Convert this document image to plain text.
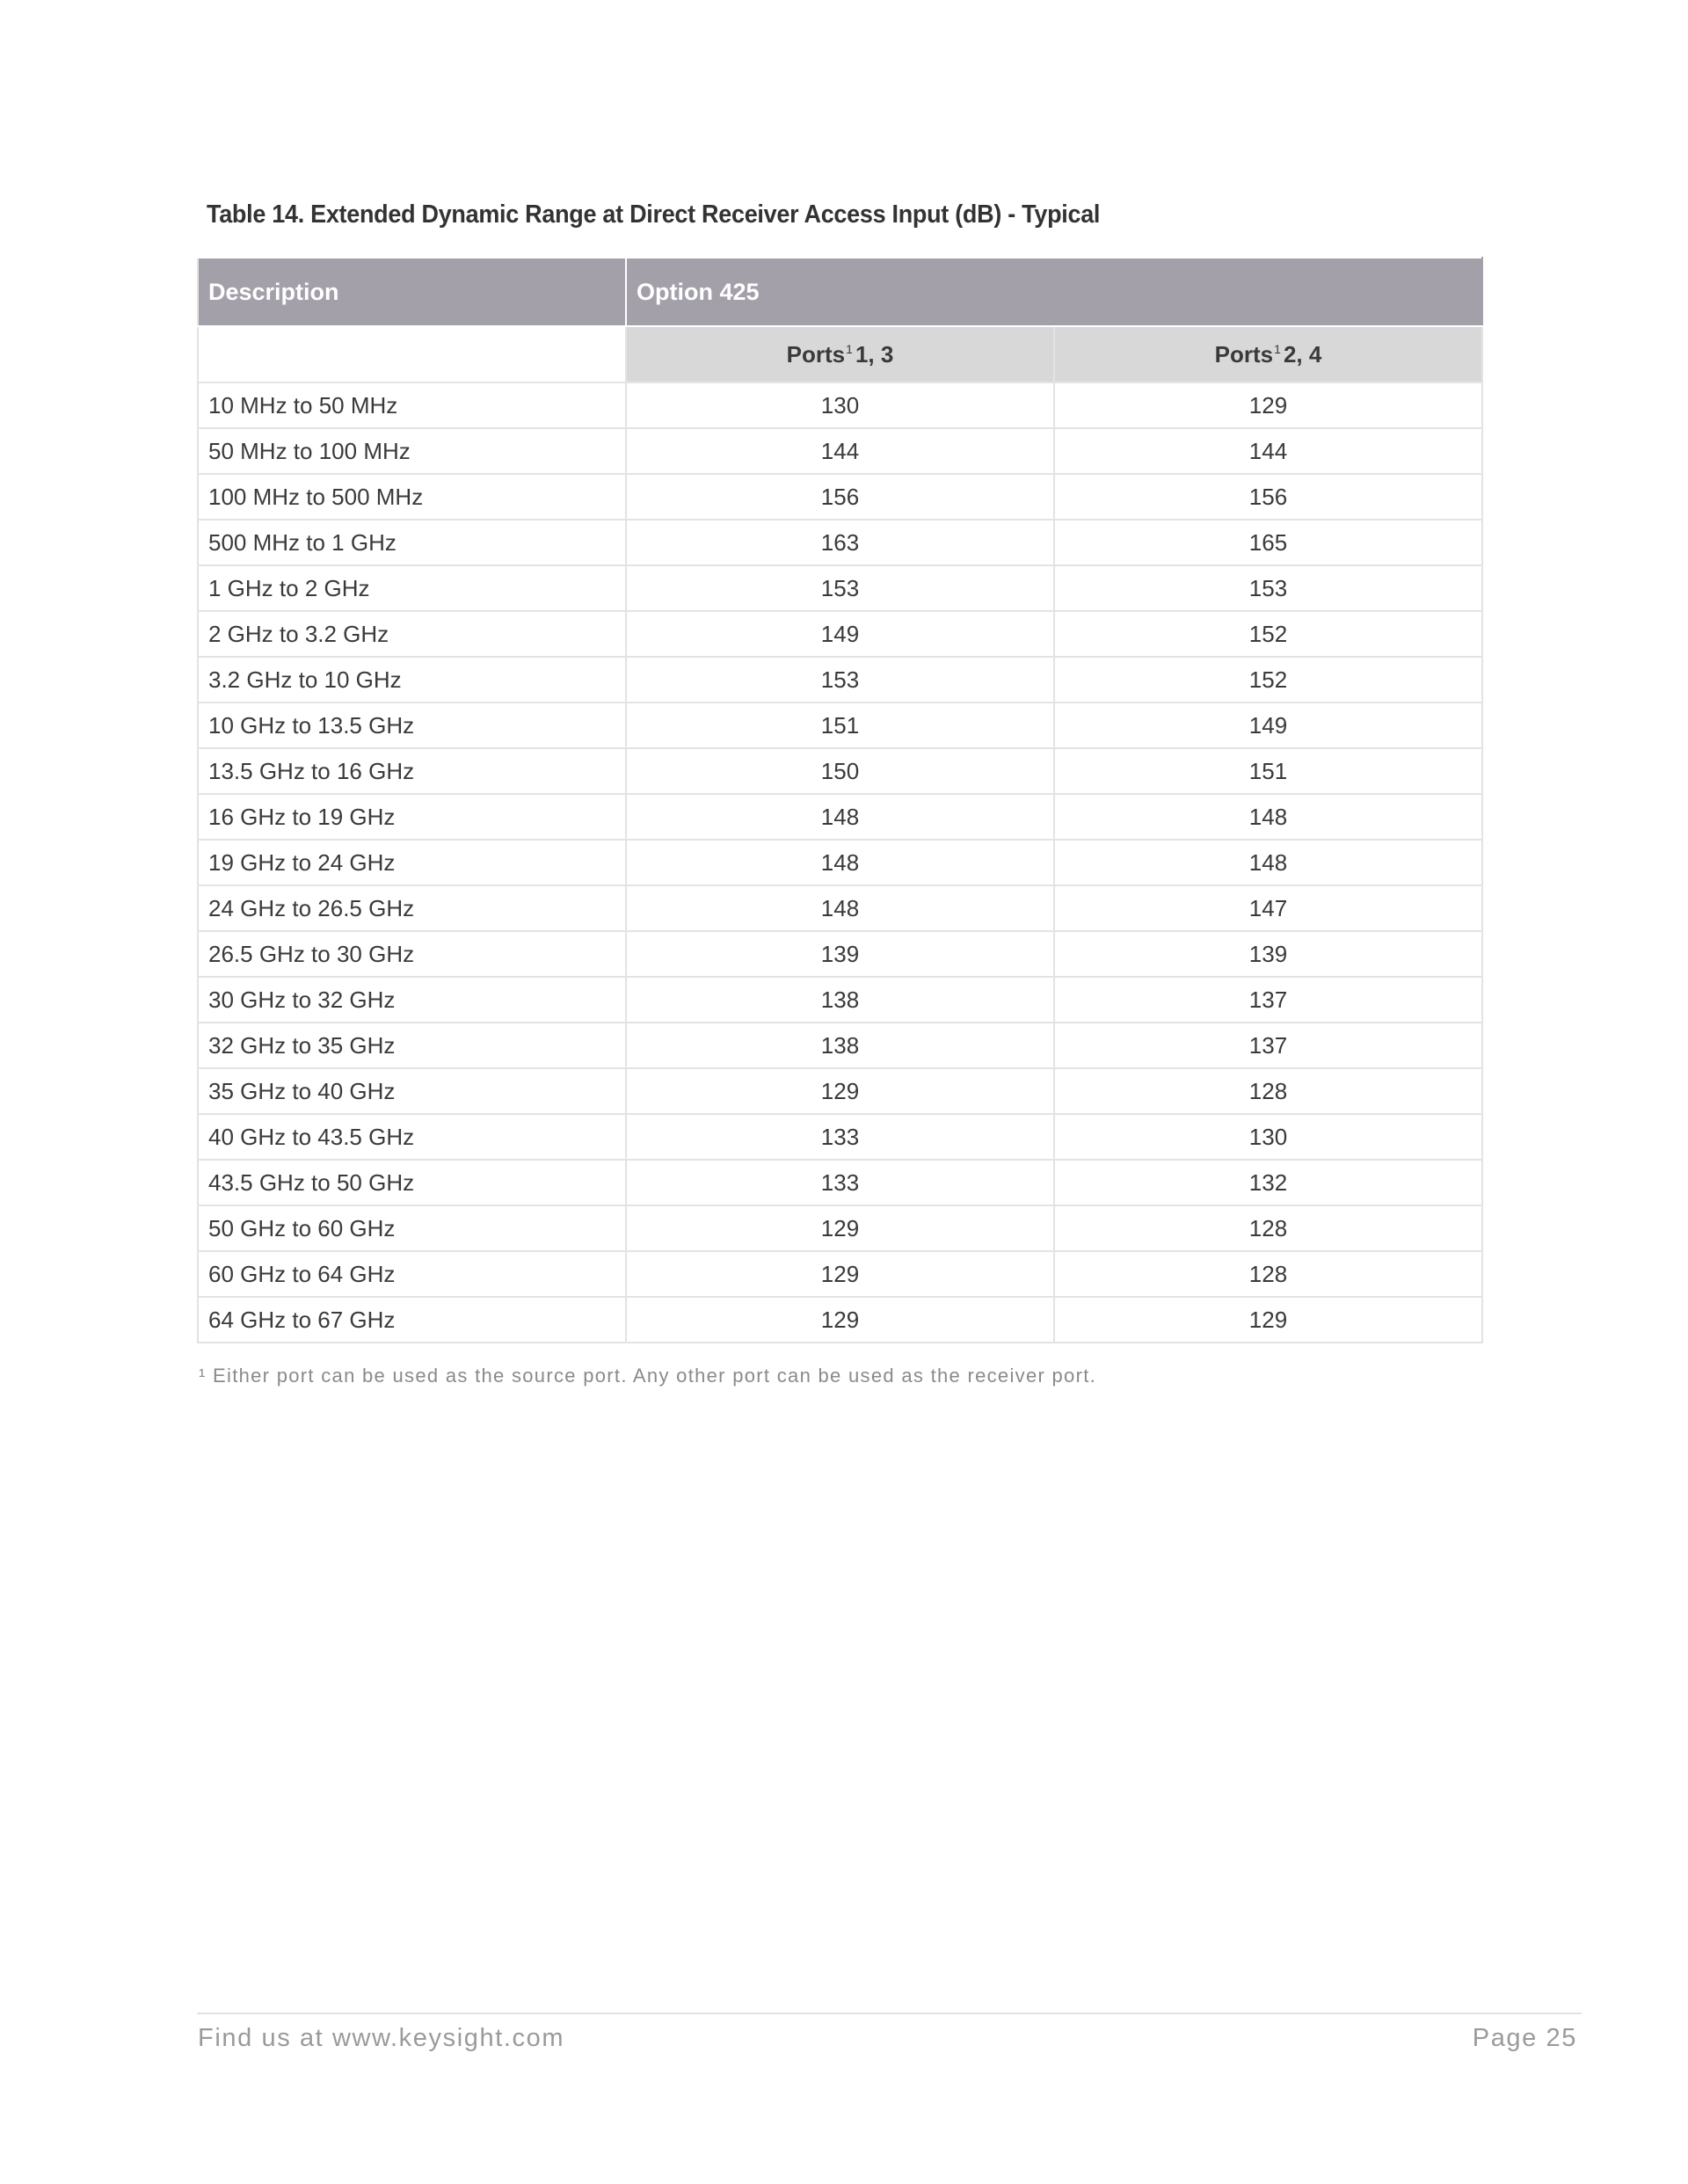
Table 14. Extended Dynamic Range at Direct Receiver Access Input (dB) - Typical
Description	Option 425	
	Ports$^1$ 1, 3	Ports$^1$ 2, 4
10 MHz to 50 MHz	130	129
50 MHz to 100 MHz	144	144
100 MHz to 500 MHz	156	156
500 MHz to 1 GHz	163	165
1 GHz to 2 GHz	153	153
2 GHz to 3.2 GHz	149	152
3.2 GHz to 10 GHz	153	152
10 GHz to 13.5 GHz	151	149
13.5 GHz to 16 GHz	150	151
16 GHz to 19 GHz	148	148
19 GHz to 24 GHz	148	148
24 GHz to 26.5 GHz	148	147
26.5 GHz to 30 GHz	139	139
30 GHz to 32 GHz	138	137
32 GHz to 35 GHz	138	137
35 GHz to 40 GHz	129	128
40 GHz to 43.5 GHz	133	130
43.5 GHz to 50 GHz	133	132
50 GHz to 60 GHz	129	128
60 GHz to 64 GHz	129	128
64 GHz to 67 GHz	129	129
¹ Either port can be used as the source port. Any other port can be used as the receiver port.
Find us at www.keysight.com	Page 25
